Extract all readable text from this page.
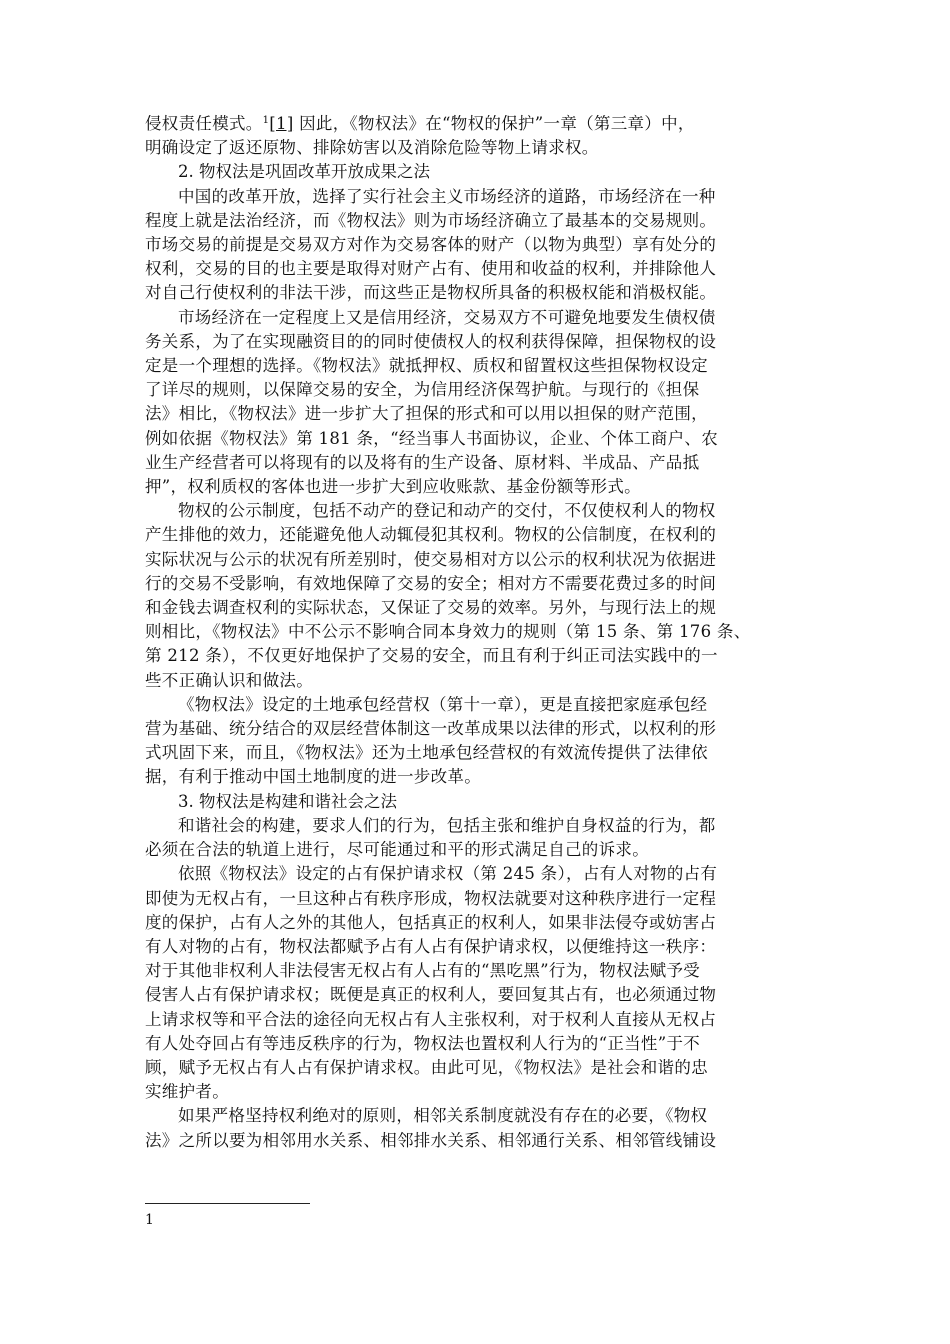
侵权责任模式。$^1$[1] 因此，《物权法》在“物权的保护”一章（第三章）中，
明确设定了返还原物、排除妨害以及消除危险等物上请求权。

2. 物权法是巩固改革开放成果之法

中国的改革开放，选择了实行社会主义市场经济的道路，市场经济在一种
程度上就是法治经济，而《物权法》则为市场经济确立了最基本的交易规则。
市场交易的前提是交易双方对作为交易客体的财产（以物为典型）享有处分的
权利，交易的目的也主要是取得对财产占有、使用和收益的权利，并排除他人
对自己行使权利的非法干涉，而这些正是物权所具备的积极权能和消极权能。

市场经济在一定程度上又是信用经济，交易双方不可避免地要发生债权债
务关系，为了在实现融资目的的同时使债权人的权利获得保障，担保物权的设
定是一个理想的选择。《物权法》就抵押权、质权和留置权这些担保物权设定
了详尽的规则，以保障交易的安全，为信用经济保驾护航。与现行的《担保
法》相比，《物权法》进一步扩大了担保的形式和可以用以担保的财产范围，
例如依据《物权法》第 181 条，“经当事人书面协议，企业、个体工商户、农
业生产经营者可以将现有的以及将有的生产设备、原材料、半成品、产品抵
押”，权利质权的客体也进一步扩大到应收账款、基金份额等形式。

物权的公示制度，包括不动产的登记和动产的交付，不仅使权利人的物权
产生排他的效力，还能避免他人动辄侵犯其权利。物权的公信制度，在权利的
实际状况与公示的状况有所差别时，使交易相对方以公示的权利状况为依据进
行的交易不受影响，有效地保障了交易的安全；相对方不需要花费过多的时间
和金钱去调查权利的实际状态，又保证了交易的效率。另外，与现行法上的规
则相比，《物权法》中不公示不影响合同本身效力的规则（第 15 条、第 176 条、
第 212 条），不仅更好地保护了交易的安全，而且有利于纠正司法实践中的一
些不正确认识和做法。

《物权法》设定的土地承包经营权（第十一章），更是直接把家庭承包经
营为基础、统分结合的双层经营体制这一改革成果以法律的形式，以权利的形
式巩固下来，而且，《物权法》还为土地承包经营权的有效流传提供了法律依
据，有利于推动中国土地制度的进一步改革。

3. 物权法是构建和谐社会之法

和谐社会的构建，要求人们的行为，包括主张和维护自身权益的行为，都
必须在合法的轨道上进行，尽可能通过和平的形式满足自己的诉求。

依照《物权法》设定的占有保护请求权（第 245 条），占有人对物的占有
即使为无权占有，一旦这种占有秩序形成，物权法就要对这种秩序进行一定程
度的保护，占有人之外的其他人，包括真正的权利人，如果非法侵夺或妨害占
有人对物的占有，物权法都赋予占有人占有保护请求权，以便维持这一秩序：
对于其他非权利人非法侵害无权占有人占有的“黑吃黑”行为，物权法赋予受
侵害人占有保护请求权；既便是真正的权利人，要回复其占有，也必须通过物
上请求权等和平合法的途径向无权占有人主张权利，对于权利人直接从无权占
有人处夺回占有等违反秩序的行为，物权法也置权利人行为的“正当性”于不
顾，赋予无权占有人占有保护请求权。由此可见，《物权法》是社会和谐的忠
实维护者。

如果严格坚持权利绝对的原则，相邻关系制度就没有存在的必要，《物权
法》之所以要为相邻用水关系、相邻排水关系、相邻通行关系、相邻管线铺设

1
